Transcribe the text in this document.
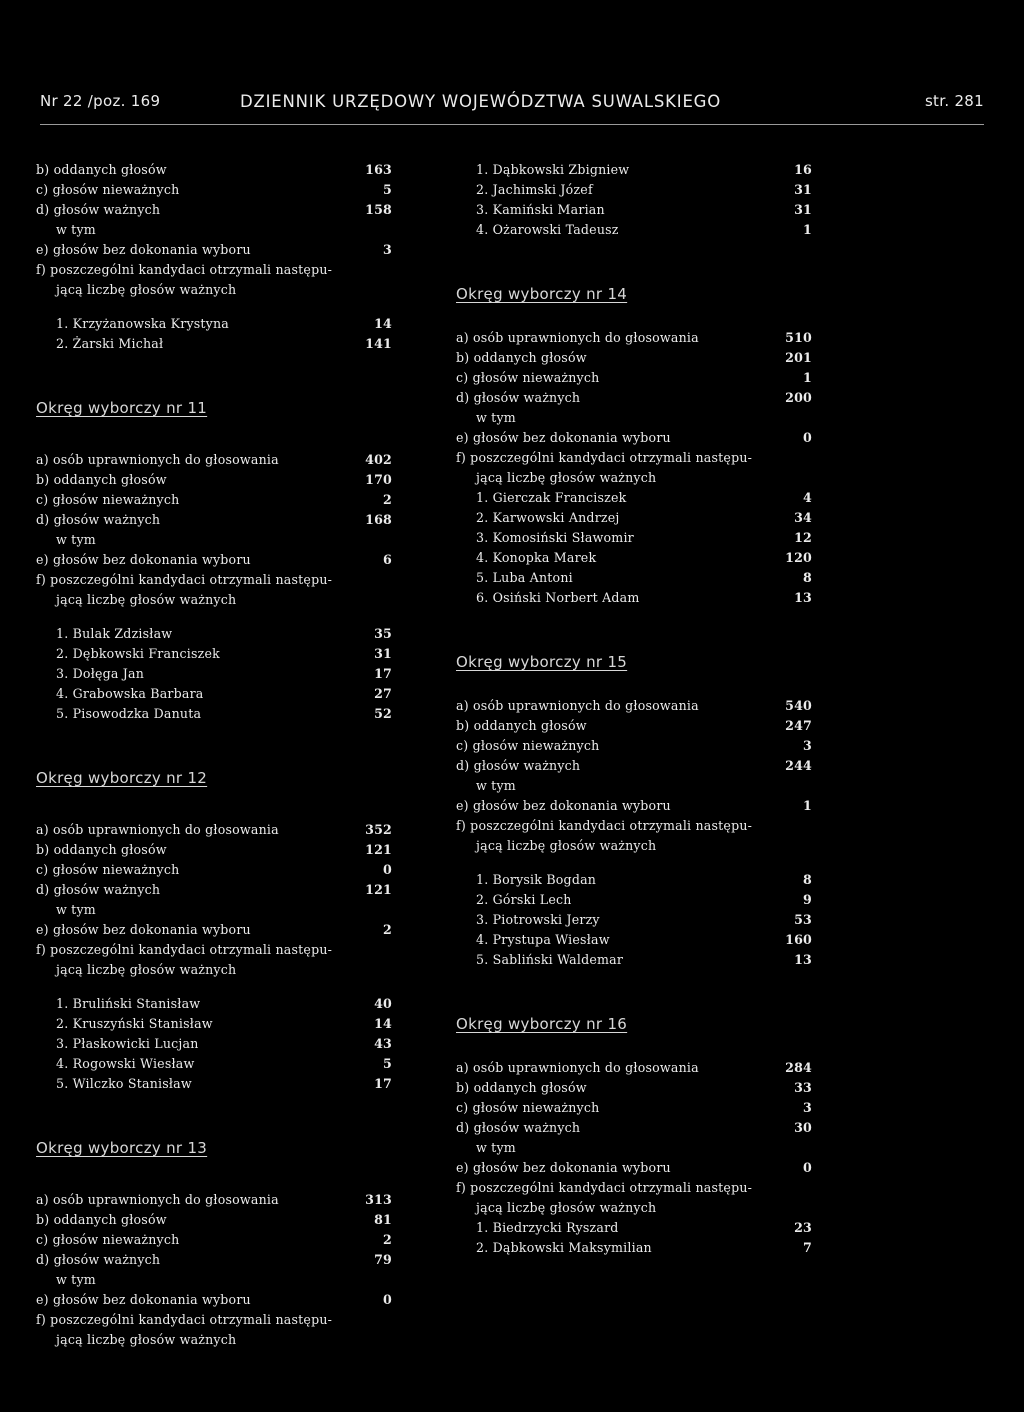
Nr 22 /poz. 169	DZIENNIK URZĘDOWY WOJEWÓDZTWA SUWALSKIEGO	str. 281
b) oddanych głosów	163
c) głosów nieważnych	5
d) głosów ważnych	158
w tym
e) głosów bez dokonania wyboru	3
f) poszczególni kandydaci otrzymali następu-
jącą liczbę głosów ważnych
1. Krzyżanowska Krystyna	14
2. Żarski Michał	141
Okręg wyborczy nr 11
a) osób uprawnionych do głosowania	402
b) oddanych głosów	170
c) głosów nieważnych	2
d) głosów ważnych	168
w tym
e) głosów bez dokonania wyboru	6
f) poszczególni kandydaci otrzymali następu-
jącą liczbę głosów ważnych
1. Bulak Zdzisław	35
2. Dębkowski Franciszek	31
3. Dołęga Jan	17
4. Grabowska Barbara	27
5. Pisowodzka Danuta	52
Okręg wyborczy nr 12
a) osób uprawnionych do głosowania	352
b) oddanych głosów	121
c) głosów nieważnych	0
d) głosów ważnych	121
w tym
e) głosów bez dokonania wyboru	2
f) poszczególni kandydaci otrzymali następu-
jącą liczbę głosów ważnych
1. Bruliński Stanisław	40
2. Kruszyński Stanisław	14
3. Płaskowicki Lucjan	43
4. Rogowski Wiesław	5
5. Wilczko Stanisław	17
Okręg wyborczy nr 13
a) osób uprawnionych do głosowania	313
b) oddanych głosów	81
c) głosów nieważnych	2
d) głosów ważnych	79
w tym
e) głosów bez dokonania wyboru	0
f) poszczególni kandydaci otrzymali następu-
jącą liczbę głosów ważnych
1. Dąbkowski Zbigniew	16
2. Jachimski Józef	31
3. Kamiński Marian	31
4. Ożarowski Tadeusz	1
Okręg wyborczy nr 14
a) osób uprawnionych do głosowania	510
b) oddanych głosów	201
c) głosów nieważnych	1
d) głosów ważnych	200
w tym
e) głosów bez dokonania wyboru	0
f) poszczególni kandydaci otrzymali następu-
jącą liczbę głosów ważnych
1. Gierczak Franciszek	4
2. Karwowski Andrzej	34
3. Komosiński Sławomir	12
4. Konopka Marek	120
5. Luba Antoni	8
6. Osiński Norbert Adam	13
Okręg wyborczy nr 15
a) osób uprawnionych do głosowania	540
b) oddanych głosów	247
c) głosów nieważnych	3
d) głosów ważnych	244
w tym
e) głosów bez dokonania wyboru	1
f) poszczególni kandydaci otrzymali następu-
jącą liczbę głosów ważnych
1. Borysik Bogdan	8
2. Górski Lech	9
3. Piotrowski Jerzy	53
4. Prystupa Wiesław	160
5. Sabliński Waldemar	13
Okręg wyborczy nr 16
a) osób uprawnionych do głosowania	284
b) oddanych głosów	33
c) głosów nieważnych	3
d) głosów ważnych	30
w tym
e) głosów bez dokonania wyboru	0
f) poszczególni kandydaci otrzymali następu-
jącą liczbę głosów ważnych
1. Biedrzycki Ryszard	23
2. Dąbkowski Maksymilian	7
